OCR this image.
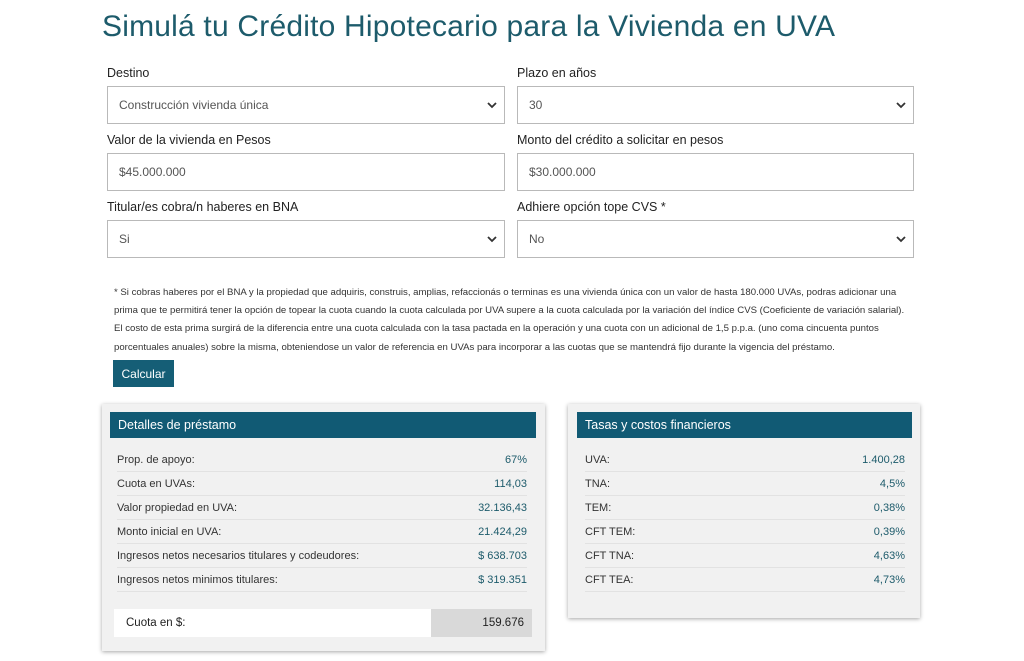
Simulá tu Crédito Hipotecario para la Vivienda en UVA
Destino
Construcción vivienda única
Plazo en años
30
Valor de la vivienda en Pesos
$45.000.000
Monto del crédito a solicitar en pesos
$30.000.000
Titular/es cobra/n haberes en BNA
Si
Adhiere opción tope CVS *
No

* Si cobras haberes por el BNA y la propiedad que adquiris, construis, amplias, refaccionás o terminas es una vivienda única con un valor de hasta 180.000 UVAs, podras adicionar una prima que te permitirá tener la opción de topear la cuota cuando la cuota calculada por UVA supere a la cuota calculada por la variación del índice CVS (Coeficiente de variación salarial). El costo de esta prima surgirá de la diferencia entre una cuota calculada con la tasa pactada en la operación y una cuota con un adicional de 1,5 p.p.a. (uno coma cincuenta puntos porcentuales anuales) sobre la misma, obteniendose un valor de referencia en UVAs para incorporar a las cuotas que se mantendrá fijo durante la vigencia del préstamo.

Calcular
Detalles de préstamo
Prop. de apoyo:	67%
Cuota en UVAs:	114,03
Valor propiedad en UVA:	32.136,43
Monto inicial en UVA:	21.424,29
Ingresos netos necesarios titulares y codeudores:	$ 638.703
Ingresos netos minimos titulares:	$ 319.351
Cuota en $:	159.676
Tasas y costos financieros
UVA:	1.400,28
TNA:	4,5%
TEM:	0,38%
CFT TEM:	0,39%
CFT TNA:	4,63%
CFT TEA:	4,73%
